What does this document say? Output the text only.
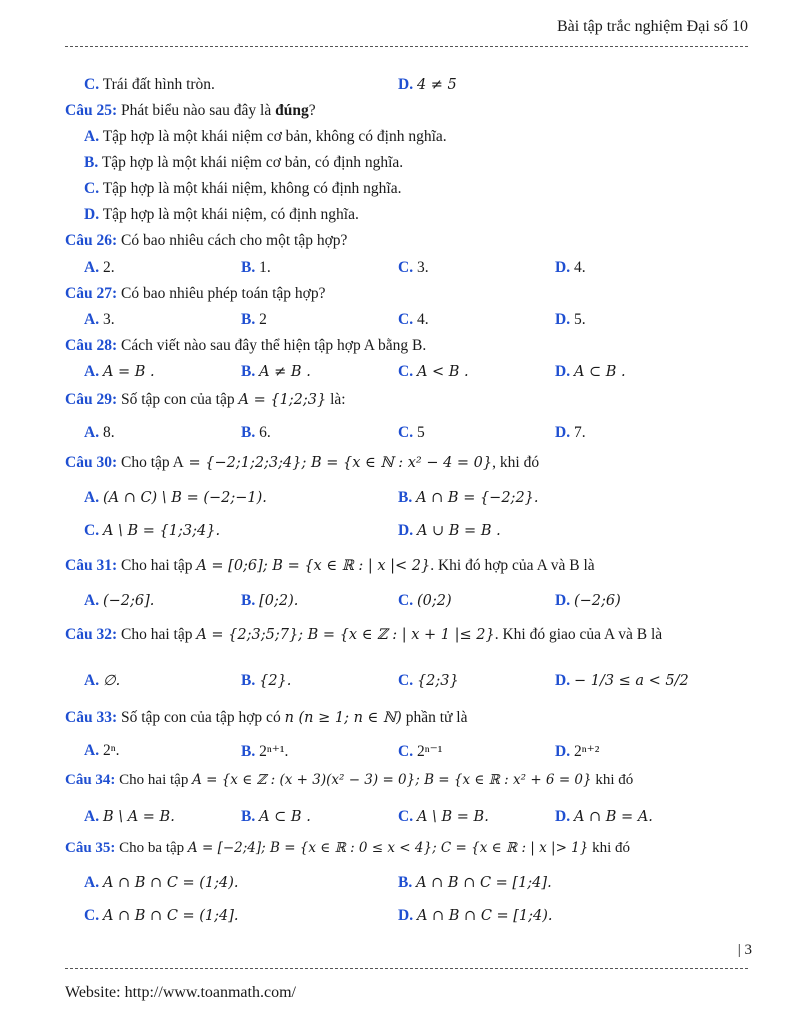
Bài tập trắc nghiệm Đại số 10
C. Trái đất hình tròn.	D. 4 ≠ 5
Câu 25: Phát biểu nào sau đây là đúng?
A. Tập hợp là một khái niệm cơ bản, không có định nghĩa.
B. Tập hợp là một khái niệm cơ bản, có định nghĩa.
C. Tập hợp là một khái niệm, không có định nghĩa.
D. Tập hợp là một khái niệm, có định nghĩa.
Câu 26: Có bao nhiêu cách cho một tập hợp?
A. 2.	B. 1.	C. 3.	D. 4.
Câu 27: Có bao nhiêu phép toán tập hợp?
A. 3.	B. 2	C. 4.	D. 5.
Câu 28: Cách viết nào sau đây thể hiện tập hợp A bằng B.
A. A = B .	B. A ≠ B .	C. A < B .	D. A ⊂ B .
Câu 29: Số tập con của tập A = {1;2;3} là:
A. 8.	B. 6.	C. 5	D. 7.
Câu 30: Cho tập A = {−2;1;2;3;4}; B = {x ∈ ℕ : x² − 4 = 0}, khi đó
A. (A ∩ C) \ B = (−2;−1).	B. A ∩ B = {−2;2}.
C. A \ B = {1;3;4}.	D. A ∪ B = B .
Câu 31: Cho hai tập A = [0;6]; B = {x ∈ ℝ : | x |< 2}. Khi đó hợp của A và B là
A. (−2;6].	B. [0;2).	C. (0;2)	D. (−2;6)
Câu 32: Cho hai tập A = {2;3;5;7}; B = {x ∈ ℤ : | x + 1 |≤ 2}. Khi đó giao của A và B là
A. ∅.	B. {2}.	C. {2;3}	D. − 1/3 ≤ a < 5/2
Câu 33: Số tập con của tập hợp có n (n ≥ 1; n ∈ ℕ) phần tử là
A. 2ⁿ.	B. 2ⁿ⁺¹.	C. 2ⁿ⁻¹	D. 2ⁿ⁺²
Câu 34: Cho hai tập A = {x ∈ ℤ : (x + 3)(x² − 3) = 0}; B = {x ∈ ℝ : x² + 6 = 0} khi đó
A. B \ A = B.	B. A ⊂ B .	C. A \ B = B.	D. A ∩ B = A.
Câu 35: Cho ba tập A = [−2;4]; B = {x ∈ ℝ : 0 ≤ x < 4}; C = {x ∈ ℝ : | x |> 1} khi đó
A. A ∩ B ∩ C = (1;4).	B. A ∩ B ∩ C = [1;4].
C. A ∩ B ∩ C = (1;4].	D. A ∩ B ∩ C = [1;4).
| 3
Website: http://www.toanmath.com/
